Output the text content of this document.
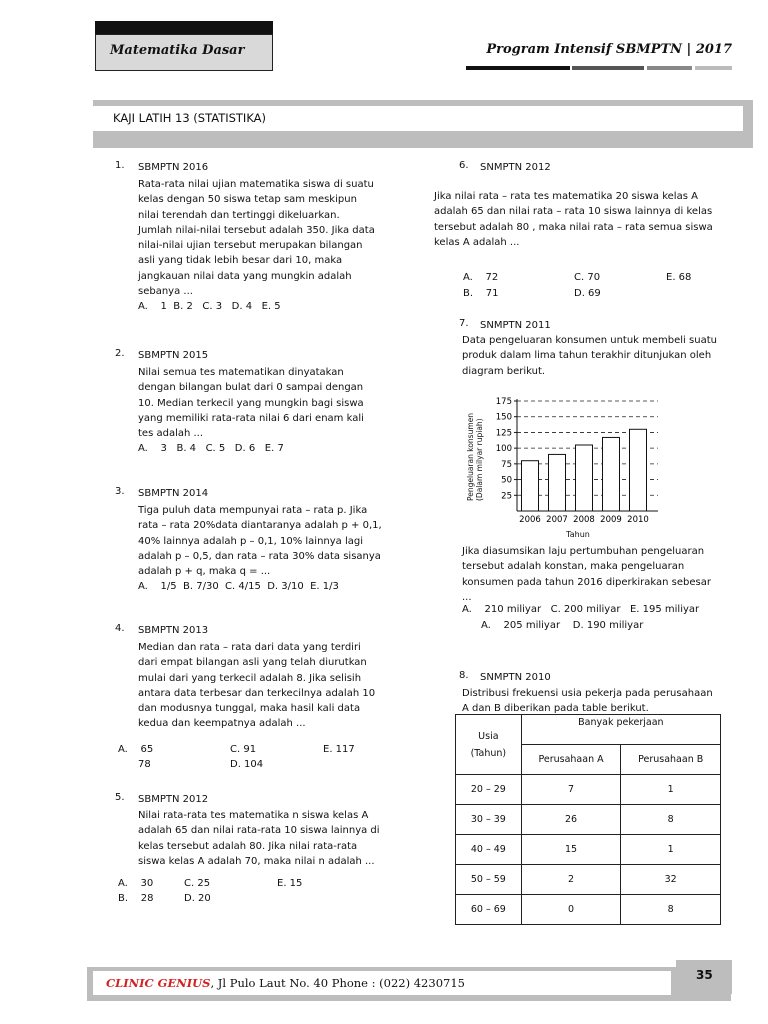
Matematika Dasar	Program Intensif SBMPTN | 2017
KAJI LATIH 13 (STATISTIKA)
1. SBMPTN 2016
Rata-rata nilai ujian matematika siswa di suatu
kelas dengan 50 siswa tetap sam meskipun
nilai terendah dan tertinggi dikeluarkan.
Jumlah nilai-nilai tersebut adalah 350. Jika data
nilai-nilai ujian tersebut merupakan bilangan
asli yang tidak lebih besar dari 10, maka
jangkauan nilai data yang mungkin adalah
sebanya ...
A.    1  B. 2   C. 3   D. 4   E. 5
2. SBMPTN 2015
Nilai semua tes matematikan dinyatakan
dengan bilangan bulat dari 0 sampai dengan
10. Median terkecil yang mungkin bagi siswa
yang memiliki rata-rata nilai 6 dari enam kali
tes adalah ...
A.    3   B. 4   C. 5   D. 6   E. 7
3. SBMPTN 2014
Tiga puluh data mempunyai rata – rata p. Jika
rata – rata 20%data diantaranya adalah p + 0,1,
40% lainnya adalah p – 0,1, 10% lainnya lagi
adalah p – 0,5, dan rata – rata 30% data sisanya
adalah p + q, maka q = ...
A.    1/5  B. 7/30  C. 4/15  D. 3/10  E. 1/3
4. SBMPTN 2013
Median dan rata – rata dari data yang terdiri
dari empat bilangan asli yang telah diurutkan
mulai dari yang terkecil adalah 8. Jika selisih
antara data terbesar dan terkecilnya adalah 10
dan modusnya tunggal, maka hasil kali data
kedua dan keempatnya adalah ...
A.    65
78
C. 91
D. 104
E. 117
5. SBMPTN 2012
Nilai rata-rata tes matematika n siswa kelas A
adalah 65 dan nilai rata-rata 10 siswa lainnya di
kelas tersebut adalah 80. Jika nilai rata-rata
siswa kelas A adalah 70, maka nilai n adalah ...
A.    30
B.    28
C. 25
D. 20
E. 15
6. SNMPTN 2012
Jika nilai rata – rata tes matematika 20 siswa kelas A
adalah 65 dan nilai rata – rata 10 siswa lainnya di kelas
tersebut adalah 80 , maka nilai rata – rata semua siswa
kelas A adalah ...
A.    72
B.    71
C. 70
D. 69
E. 68
7. SNMPTN 2011
Data pengeluaran konsumen untuk membeli suatu
produk dalam lima tahun terakhir ditunjukan oleh
diagram berikut.
25
50
75
100
125
150
175
2006 2007 2008 2009 2010
Pengeluaran konsumen (Dalam milyar rupiah)
Tahun
Jika diasumsikan laju pertumbuhan pengeluaran
tersebut adalah konstan, maka pengeluaran
konsumen pada tahun 2016 diperkirakan sebesar
...
A.    210 miliyar   C. 200 miliyar   E. 195 miliyar
A.    205 miliyar    D. 190 miliyar
8. SNMPTN 2010
Distribusi frekuensi usia pekerja pada perusahaan
A dan B diberikan pada table berikut.
Usia
(Tahun)	Banyak pekerjaan	
	Perusahaan A	Perusahaan B
20 – 29	7	1
30 – 39	26	8
40 – 49	15	1
50 – 59	2	32
60 – 69	0	8
CLINIC GENIUS, Jl Pulo Laut No. 40 Phone : (022) 4230715
35
